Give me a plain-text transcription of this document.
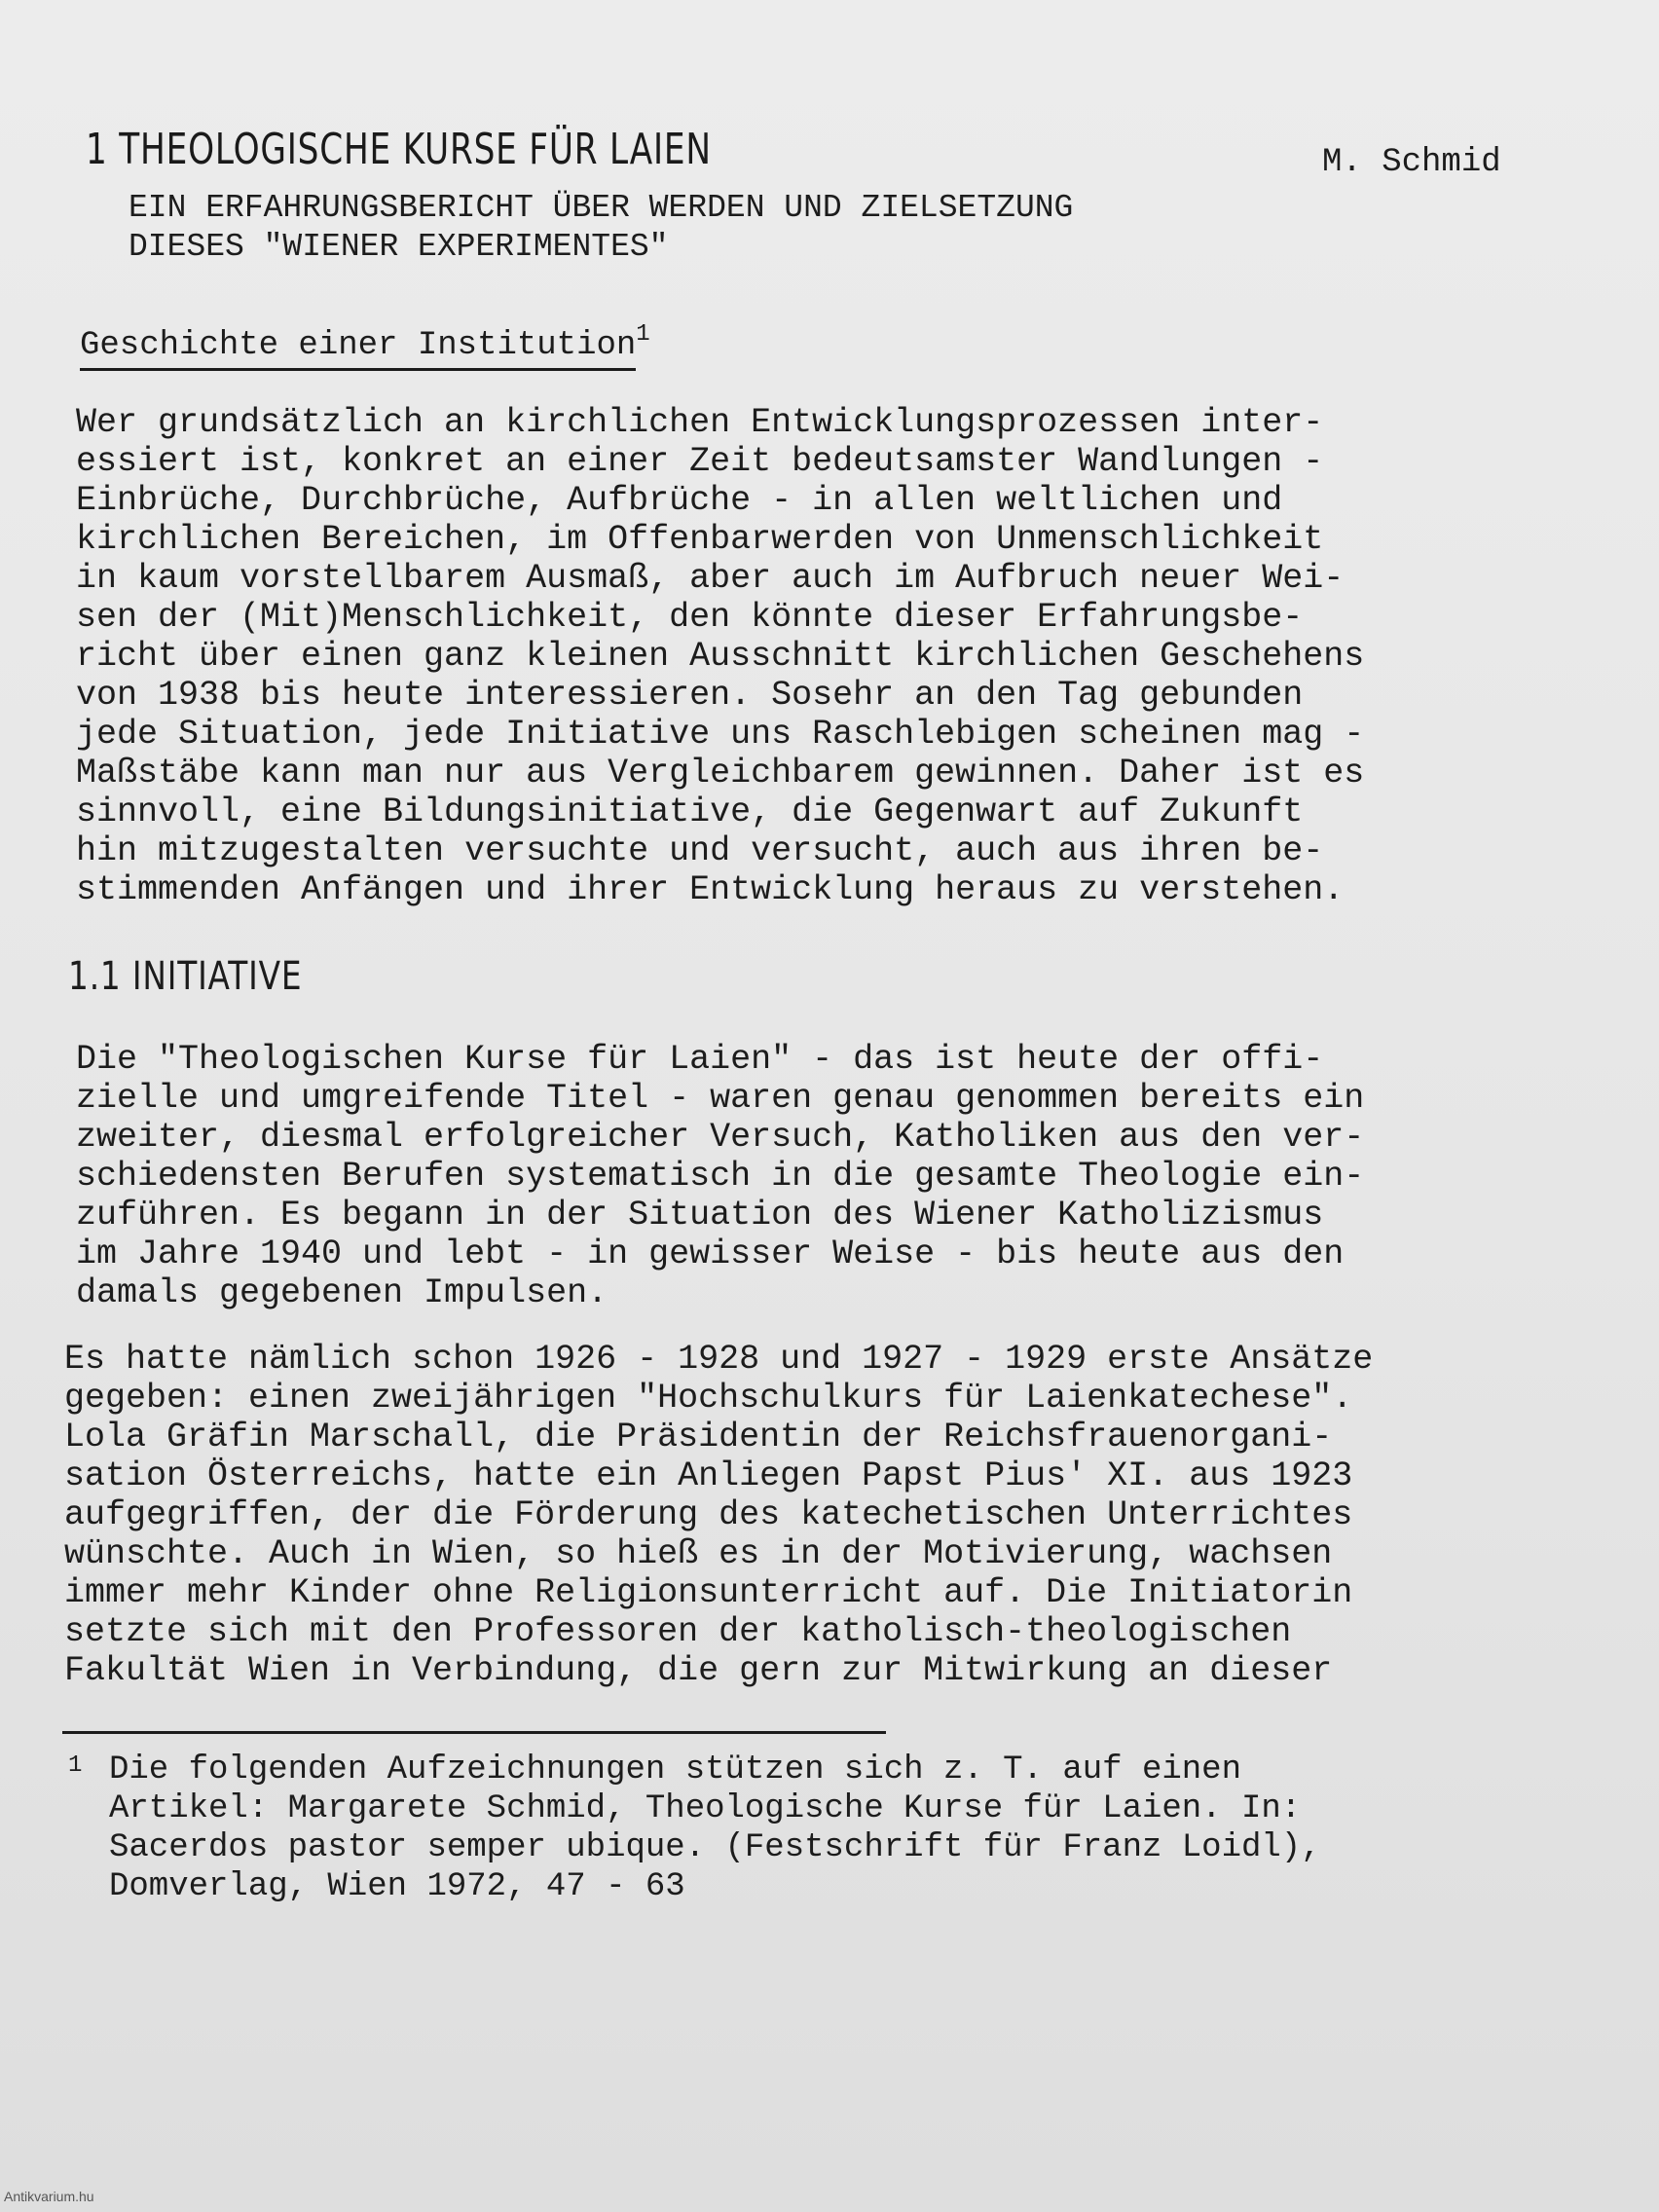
1 THEOLOGISCHE KURSE FÜR LAIEN	M. Schmid
EIN ERFAHRUNGSBERICHT ÜBER WERDEN UND ZIELSETZUNG
DIESES "WIENER EXPERIMENTES"
Geschichte einer Institution$^1$
Wer grundsätzlich an kirchlichen Entwicklungsprozessen inter-
essiert ist, konkret an einer Zeit bedeutsamster Wandlungen -
Einbrüche, Durchbrüche, Aufbrüche - in allen weltlichen und
kirchlichen Bereichen, im Offenbarwerden von Unmenschlichkeit
in kaum vorstellbarem Ausmaß, aber auch im Aufbruch neuer Wei-
sen der (Mit)Menschlichkeit, den könnte dieser Erfahrungsbe-
richt über einen ganz kleinen Ausschnitt kirchlichen Geschehens
von 1938 bis heute interessieren. Sosehr an den Tag gebunden
jede Situation, jede Initiative uns Raschlebigen scheinen mag -
Maßstäbe kann man nur aus Vergleichbarem gewinnen. Daher ist es
sinnvoll, eine Bildungsinitiative, die Gegenwart auf Zukunft
hin mitzugestalten versuchte und versucht, auch aus ihren be-
stimmenden Anfängen und ihrer Entwicklung heraus zu verstehen.
1.1 INITIATIVE
Die "Theologischen Kurse für Laien" - das ist heute der offi-
zielle und umgreifende Titel - waren genau genommen bereits ein
zweiter, diesmal erfolgreicher Versuch, Katholiken aus den ver-
schiedensten Berufen systematisch in die gesamte Theologie ein-
zuführen. Es begann in der Situation des Wiener Katholizismus
im Jahre 1940 und lebt - in gewisser Weise - bis heute aus den
damals gegebenen Impulsen.
Es hatte nämlich schon 1926 - 1928 und 1927 - 1929 erste Ansätze
gegeben: einen zweijährigen "Hochschulkurs für Laienkatechese".
Lola Gräfin Marschall, die Präsidentin der Reichsfrauenorgani-
sation Österreichs, hatte ein Anliegen Papst Pius' XI. aus 1923
aufgegriffen, der die Förderung des katechetischen Unterrichtes
wünschte. Auch in Wien, so hieß es in der Motivierung, wachsen
immer mehr Kinder ohne Religionsunterricht auf. Die Initiatorin
setzte sich mit den Professoren der katholisch-theologischen
Fakultät Wien in Verbindung, die gern zur Mitwirkung an dieser
1 Die folgenden Aufzeichnungen stützen sich z. T. auf einen
Artikel: Margarete Schmid, Theologische Kurse für Laien. In:
Sacerdos pastor semper ubique. (Festschrift für Franz Loidl),
Domverlag, Wien 1972, 47 - 63
Antikvarium.hu
